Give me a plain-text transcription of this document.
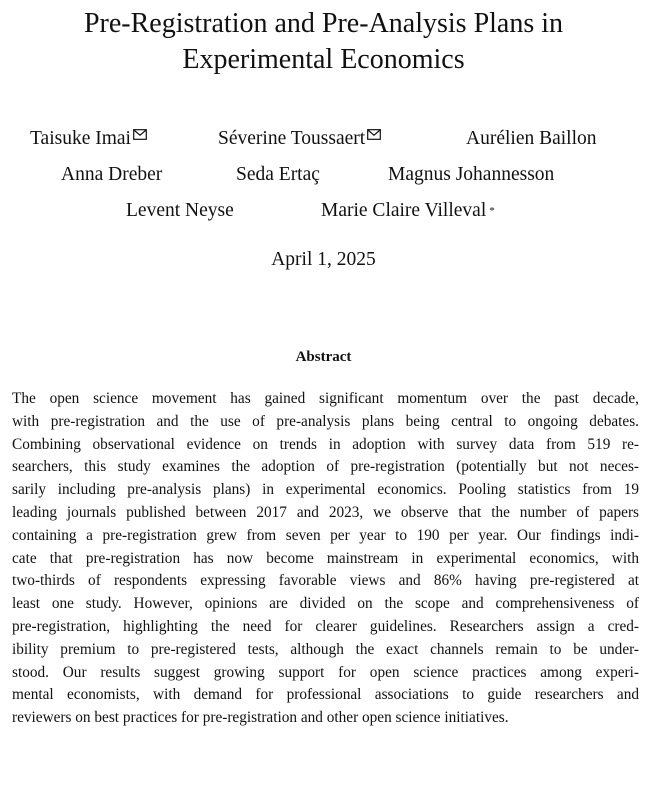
Pre-Registration and Pre-Analysis Plans in
Experimental Economics
Taisuke Imai	Séverine Toussaert	Aurélien Baillon
Anna Dreber	Seda Ertaç	Magnus Johannesson
Levent Neyse	Marie Claire Villeval *
April 1, 2025
Abstract
The open science movement has gained significant momentum over the past decade,
with pre-registration and the use of pre-analysis plans being central to ongoing debates.
Combining observational evidence on trends in adoption with survey data from 519 re-
searchers, this study examines the adoption of pre-registration (potentially but not neces-
sarily including pre-analysis plans) in experimental economics. Pooling statistics from 19
leading journals published between 2017 and 2023, we observe that the number of papers
containing a pre-registration grew from seven per year to 190 per year. Our findings indi-
cate that pre-registration has now become mainstream in experimental economics, with
two-thirds of respondents expressing favorable views and 86% having pre-registered at
least one study. However, opinions are divided on the scope and comprehensiveness of
pre-registration, highlighting the need for clearer guidelines. Researchers assign a cred-
ibility premium to pre-registered tests, although the exact channels remain to be under-
stood. Our results suggest growing support for open science practices among experi-
mental economists, with demand for professional associations to guide researchers and
reviewers on best practices for pre-registration and other open science initiatives.
